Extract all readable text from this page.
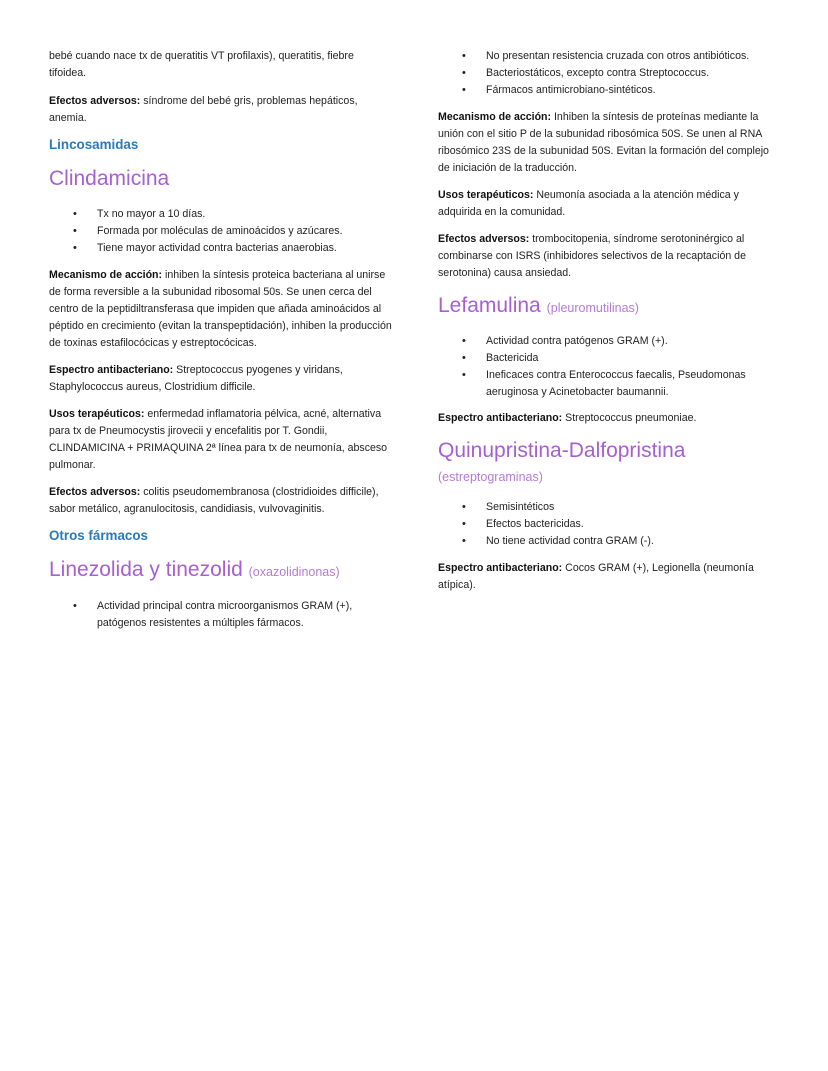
bebé cuando nace tx de queratitis VT profilaxis), queratitis, fiebre tifoidea.

Efectos adversos: síndrome del bebé gris, problemas hepáticos, anemia.

Lincosamidas
Clindamicina
• Tx no mayor a 10 días.
• Formada por moléculas de aminoácidos y azúcares.
• Tiene mayor actividad contra bacterias anaerobias.

Mecanismo de acción: inhiben la síntesis proteica bacteriana al unirse de forma reversible a la subunidad ribosomal 50s. Se unen cerca del centro de la peptidiltransferasa que impiden que añada aminoácidos al péptido en crecimiento (evitan la transpeptidación), inhiben la producción de toxinas estafilocócicas y estreptocócicas.

Espectro antibacteriano: Streptococcus pyogenes y viridans, Staphylococcus aureus, Clostridium difficile.

Usos terapéuticos: enfermedad inflamatoria pélvica, acné, alternativa para tx de Pneumocystis jirovecii y encefalitis por T. Gondii, CLINDAMICINA + PRIMAQUINA 2ª línea para tx de neumonía, absceso pulmonar.

Efectos adversos: colitis pseudomembranosa (clostridioides difficile), sabor metálico, agranulocitosis, candidiasis, vulvovaginitis.

Otros fármacos
Linezolida y tinezolid (oxazolidinonas)
• Actividad principal contra microorganismos GRAM (+), patógenos resistentes a múltiples fármacos.
• No presentan resistencia cruzada con otros antibióticos.
• Bacteriostáticos, excepto contra Streptococcus.
• Fármacos antimicrobiano-sintéticos.

Mecanismo de acción: Inhiben la síntesis de proteínas mediante la unión con el sitio P de la subunidad ribosómica 50S. Se unen al RNA ribosómico 23S de la subunidad 50S. Evitan la formación del complejo de iniciación de la traducción.

Usos terapéuticos: Neumonía asociada a la atención médica y adquirida en la comunidad.

Efectos adversos: trombocitopenia, síndrome serotoninérgico al combinarse con ISRS (inhibidores selectivos de la recaptación de serotonina) causa ansiedad.

Lefamulina (pleuromutilinas)
• Actividad contra patógenos GRAM (+).
• Bactericida
• Ineficaces contra Enterococcus faecalis, Pseudomonas aeruginosa y Acinetobacter baumannii.

Espectro antibacteriano: Streptococcus pneumoniae.

Quinupristina-Dalfopristina
(estreptograminas)
• Semisintéticos
• Efectos bactericidas.
• No tiene actividad contra GRAM (-).

Espectro antibacteriano: Cocos GRAM (+), Legionella (neumonía atípica).
